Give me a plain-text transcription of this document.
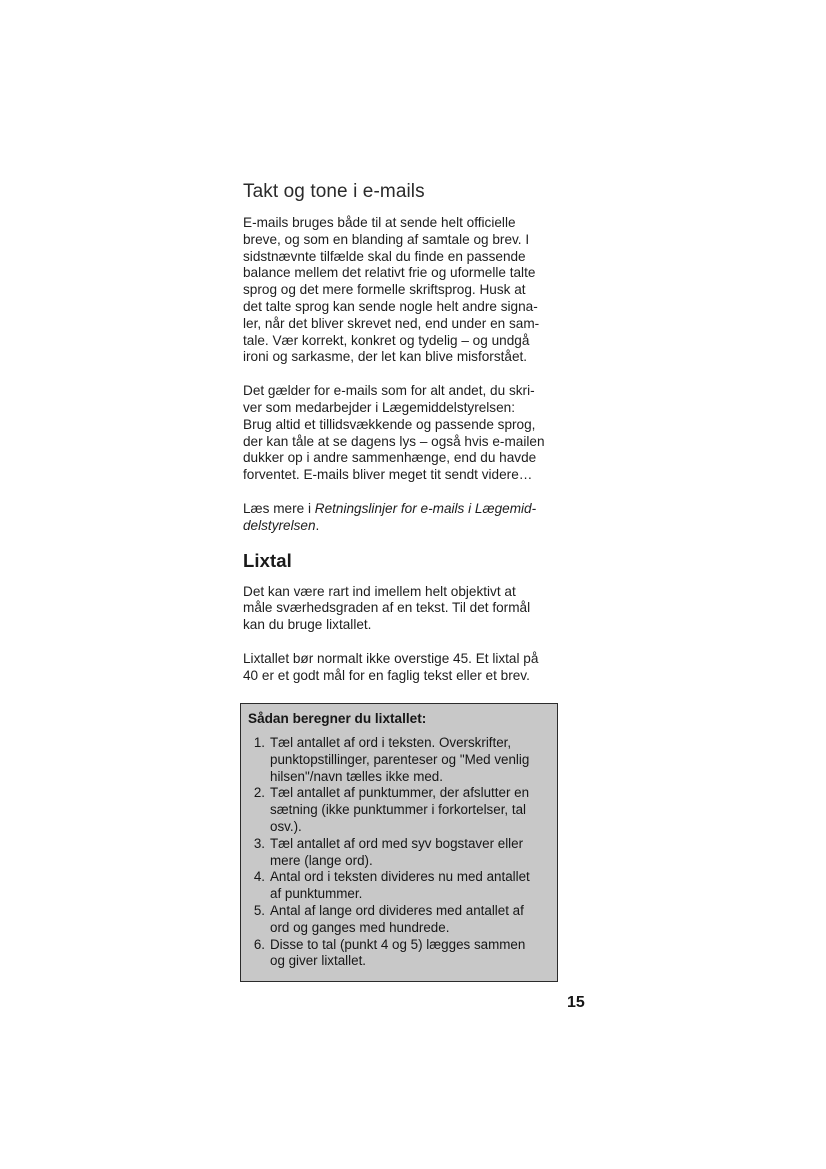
Takt og tone i e-mails

E-mails bruges både til at sende helt officielle
breve, og som en blanding af samtale og brev. I
sidstnævnte tilfælde skal du finde en passende
balance mellem det relativt frie og uformelle talte
sprog og det mere formelle skriftsprog. Husk at
det talte sprog kan sende nogle helt andre signa-
ler, når det bliver skrevet ned, end under en sam-
tale. Vær korrekt, konkret og tydelig – og undgå
ironi og sarkasme, der let kan blive misforstået.

Det gælder for e-mails som for alt andet, du skri-
ver som medarbejder i Lægemiddelstyrelsen:
Brug altid et tillidsvækkende og passende sprog,
der kan tåle at se dagens lys – også hvis e-mailen
dukker op i andre sammenhænge, end du havde
forventet. E-mails bliver meget tit sendt videre…

Læs mere i Retningslinjer for e-mails i Lægemid-
delstyrelsen.

Lixtal

Det kan være rart ind imellem helt objektivt at
måle sværhedsgraden af en tekst. Til det formål
kan du bruge lixtallet.

Lixtallet bør normalt ikke overstige 45. Et lixtal på
40 er et godt mål for en faglig tekst eller et brev.

Sådan beregner du lixtallet:

1. Tæl antallet af ord i teksten. Overskrifter,
punktopstillinger, parenteser og "Med venlig
hilsen"/navn tælles ikke med.
2. Tæl antallet af punktummer, der afslutter en
sætning (ikke punktummer i forkortelser, tal
osv.).
3. Tæl antallet af ord med syv bogstaver eller
mere (lange ord).
4. Antal ord i teksten divideres nu med antallet
af punktummer.
5. Antal af lange ord divideres med antallet af
ord og ganges med hundrede.
6. Disse to tal (punkt 4 og 5) lægges sammen
og giver lixtallet.
15
